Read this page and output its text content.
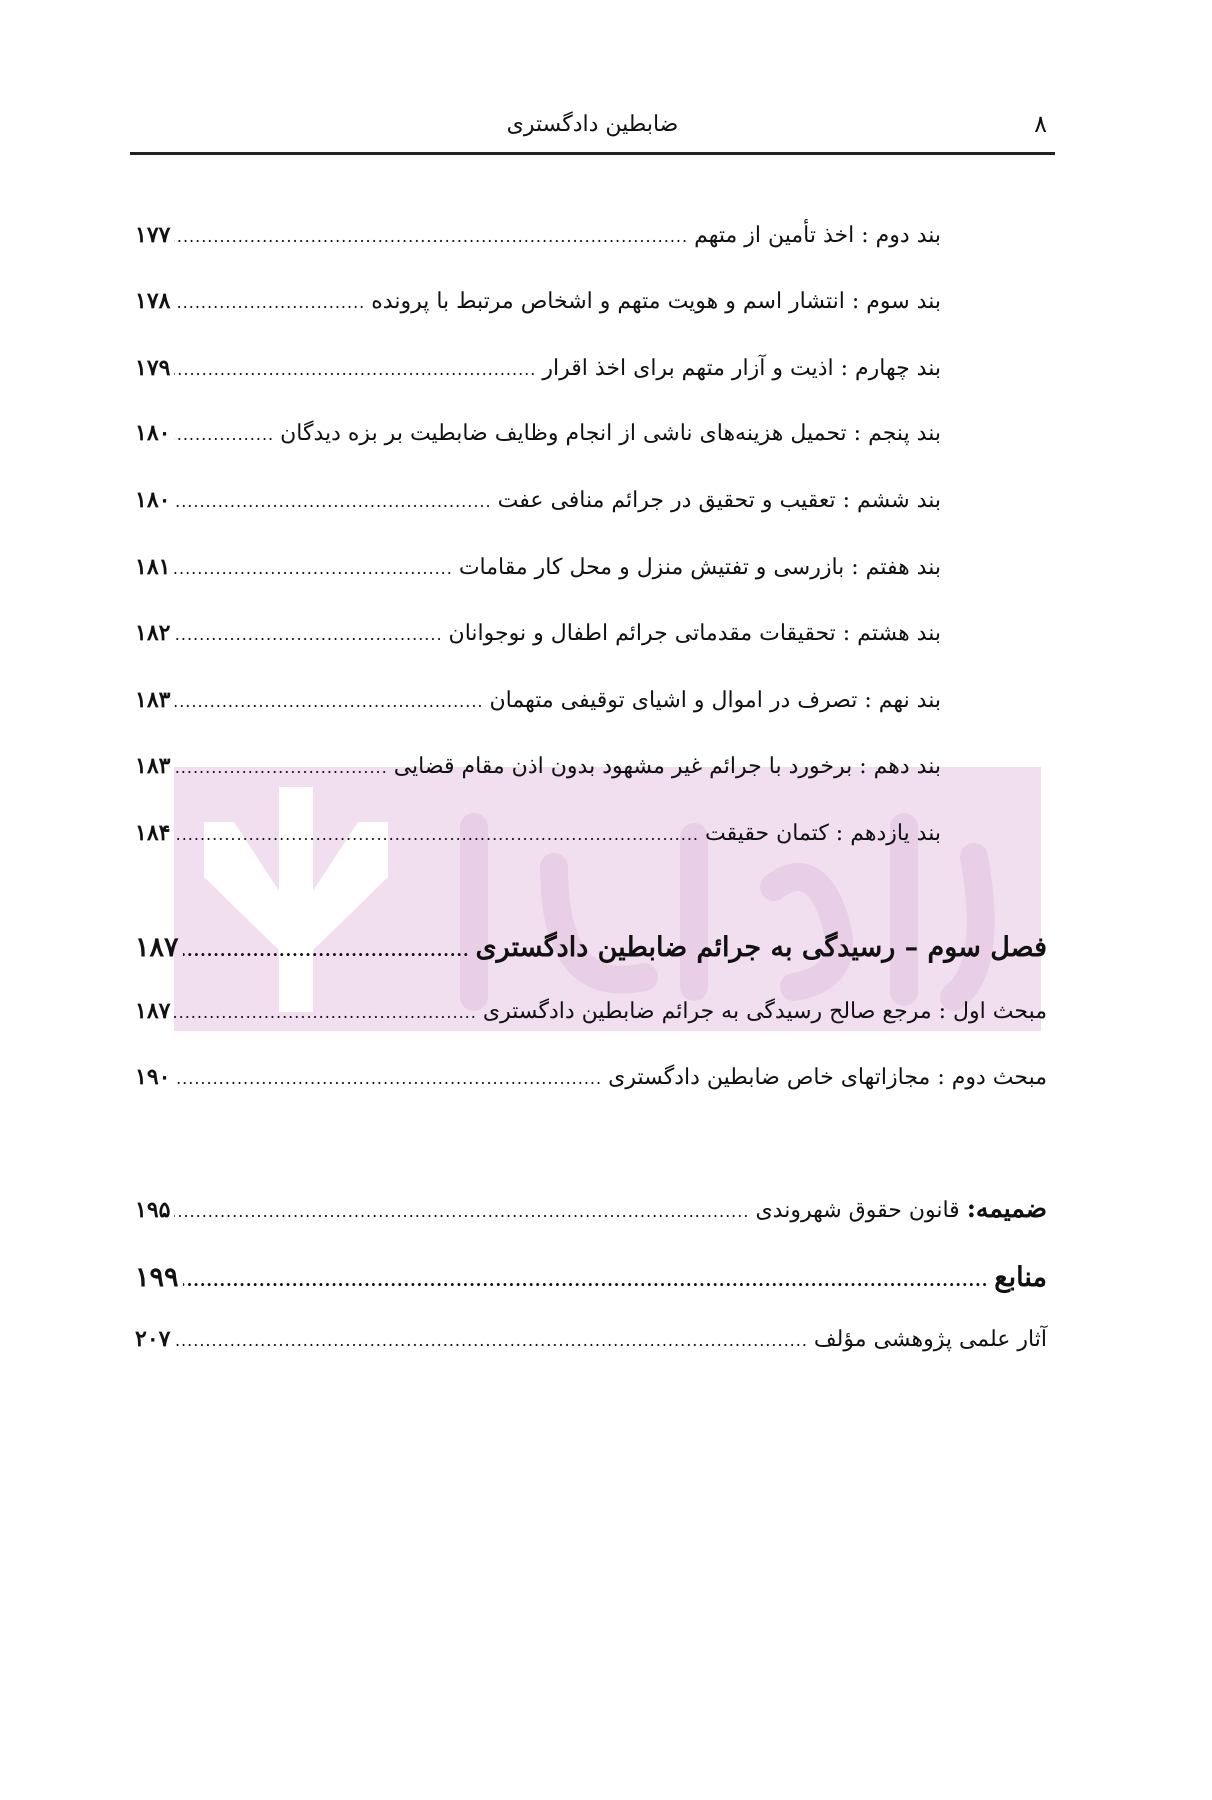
ضابطین دادگستری	۸
بند دوم : اخذ تأمین از متهم
.....
۱۷۷
بند سوم : انتشار اسم و هویت متهم و اشخاص مرتبط با پرونده
.....
۱۷۸
بند چهارم : اذیت و آزار متهم برای اخذ اقرار
.....
۱۷۹
بند پنجم : تحمیل هزینه‌های ناشی از انجام وظایف ضابطیت بر بزه دیدگان
.....
۱۸۰
بند ششم : تعقیب و تحقیق در جرائم منافی عفت
.....
۱۸۰
بند هفتم : بازرسی و تفتیش منزل و محل کار مقامات
.....
۱۸۱
بند هشتم : تحقیقات مقدماتی جرائم اطفال و نوجوانان
.....
۱۸۲
بند نهم : تصرف در اموال و اشیای توقیفی متهمان
.....
۱۸۳
بند دهم : برخورد با جرائم غیر مشهود بدون اذن مقام قضایی
.....
۱۸۳
بند یازدهم : کتمان حقیقت
.....
۱۸۴
فصل سوم – رسیدگی به جرائم ضابطین دادگستری
.....
۱۸۷
مبحث اول : مرجع صالح رسیدگی به جرائم ضابطین دادگستری
.....
۱۸۷
مبحث دوم : مجازاتهای خاص ضابطین دادگستری
.....
۱۹۰
ضمیمه: قانون حقوق شهروندی
.....
۱۹۵
منابع
.....
۱۹۹
آثار علمی پژوهشی مؤلف
.....
۲۰۷
